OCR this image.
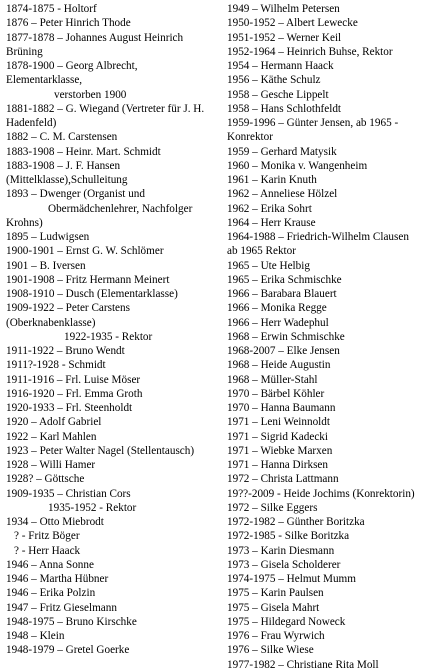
1874-1875 - Holtorf
1876 – Peter Hinrich Thode
1877-1878 – Johannes August Heinrich
Brüning
1878-1900 – Georg Albrecht,
Elementarklasse,
verstorben 1900
1881-1882 – G. Wiegand (Vertreter für J. H.
Hadenfeld)
1882 – C. M. Carstensen
1883-1908 – Heinr. Mart. Schmidt
1883-1908 – J. F. Hansen
(Mittelklasse),Schulleitung
1893 – Dwenger (Organist und
Obermädchenlehrer, Nachfolger
Krohns)
1895 – Ludwigsen
1900-1901 – Ernst G. W. Schlömer
1901 – B. Iversen
1901-1908 – Fritz Hermann Meinert
1908-1910 – Dusch (Elementarklasse)
1909-1922 – Peter Carstens
(Oberknabenklasse)
1922-1935 - Rektor
1911-1922 – Bruno Wendt
1911?-1928 - Schmidt
1911-1916 – Frl. Luise Möser
1916-1920 – Frl. Emma Groth
1920-1933 – Frl. Steenholdt
1920 – Adolf Gabriel
1922 – Karl Mahlen
1923 – Peter Walter Nagel (Stellentausch)
1928 – Willi Hamer
1928? – Göttsche
1909-1935 – Christian Cors
1935-1952 - Rektor
1934 – Otto Miebrodt
? - Fritz Böger
? - Herr Haack
1946 – Anna Sonne
1946 – Martha Hübner
1946 – Erika Polzin
1947 – Fritz Gieselmann
1948-1975 – Bruno Kirschke
1948 – Klein
1948-1979 – Gretel Goerke
1949 – Wilhelm Petersen
1950-1952 – Albert Lewecke
1951-1952 – Werner Keil
1952-1964 – Heinrich Buhse, Rektor
1954 – Hermann Haack
1956 – Käthe Schulz
1958 – Gesche Lippelt
1958 – Hans Schlothfeldt
1959-1996 – Günter Jensen, ab 1965 -
Konrektor
1959 – Gerhard Matysik
1960 – Monika v. Wangenheim
1961 – Karin Knuth
1962 – Anneliese Hölzel
1962 – Erika Sohrt
1964 – Herr Krause
1964-1988 – Friedrich-Wilhelm Clausen
ab 1965 Rektor
1965 – Ute Helbig
1965 – Erika Schmischke
1966 – Barabara Blauert
1966 – Monika Regge
1966 – Herr Wadephul
1968 – Erwin Schmischke
1968-2007 – Elke Jensen
1968 – Heide Augustin
1968 – Müller-Stahl
1970 – Bärbel Köhler
1970 – Hanna Baumann
1971 – Leni Weinnoldt
1971 – Sigrid Kadecki
1971 – Wiebke Marxen
1971 – Hanna Dirksen
1972 – Christa Lattmann
19??-2009 - Heide Jochims (Konrektorin)
1972 – Silke Eggers
1972-1982 – Günther Boritzka
1972-1985 - Silke Boritzka
1973 – Karin Diesmann
1973 – Gisela Scholderer
1974-1975 – Helmut Mumm
1975 – Karin Paulsen
1975 – Gisela Mahrt
1975 – Hildegard Noweck
1976 – Frau Wyrwich
1976 – Silke Wiese
1977-1982 – Christiane Rita Moll
